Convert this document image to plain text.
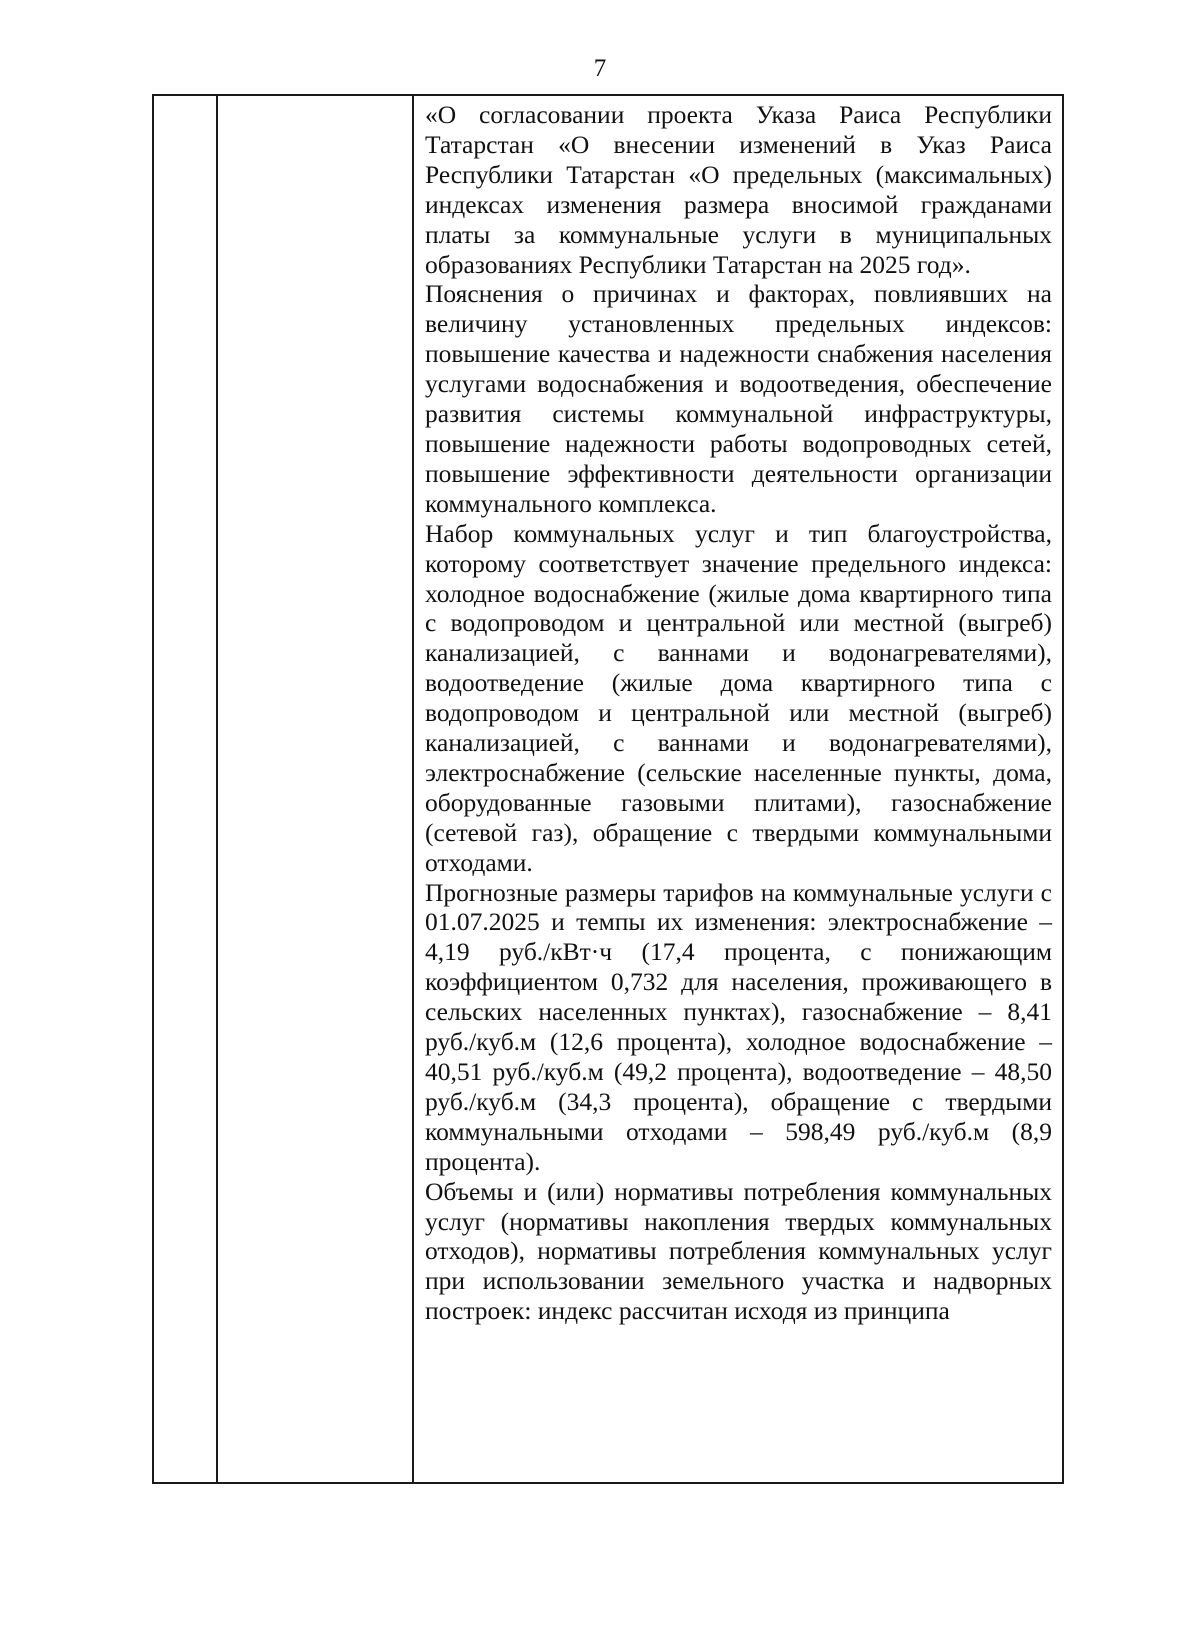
7

«О согласовании проекта Указа Раиса Республики Татарстан «О внесении изменений в Указ Раиса Республики Татарстан «О предельных (максимальных) индексах изменения размера вносимой гражданами платы за коммунальные услуги в муниципальных образованиях Республики Татарстан на 2025 год».

Пояснения о причинах и факторах, повлиявших на величину установленных предельных индексов: повышение качества и надежности снабжения населения услугами водоснабжения и водоотведения, обеспечение развития системы коммунальной инфраструктуры, повышение надежности работы водопроводных сетей, повышение эффективности деятельности организации коммунального комплекса.

Набор коммунальных услуг и тип благоустройства, которому соответствует значение предельного индекса: холодное водоснабжение (жилые дома квартирного типа с водопроводом и центральной или местной (выгреб) канализацией, с ваннами и водонагревателями), водоотведение (жилые дома квартирного типа с водопроводом и центральной или местной (выгреб) канализацией, с ваннами и водонагревателями), электроснабжение (сельские населенные пункты, дома, оборудованные газовыми плитами), газоснабжение (сетевой газ), обращение с твердыми коммунальными отходами.

Прогнозные размеры тарифов на коммунальные услуги с 01.07.2025 и темпы их изменения: электроснабжение – 4,19 руб./кВт·ч (17,4 процента, с понижающим коэффициентом 0,732 для населения, проживающего в сельских населенных пунктах), газоснабжение – 8,41 руб./куб.м (12,6 процента), холодное водоснабжение – 40,51 руб./куб.м (49,2 процента), водоотведение – 48,50 руб./куб.м (34,3 процента), обращение с твердыми коммунальными отходами – 598,49 руб./куб.м (8,9 процента).

Объемы и (или) нормативы потребления коммунальных услуг (нормативы накопления твердых коммунальных отходов), нормативы потребления коммунальных услуг при использовании земельного участка и надворных построек: индекс рассчитан исходя из принципа
